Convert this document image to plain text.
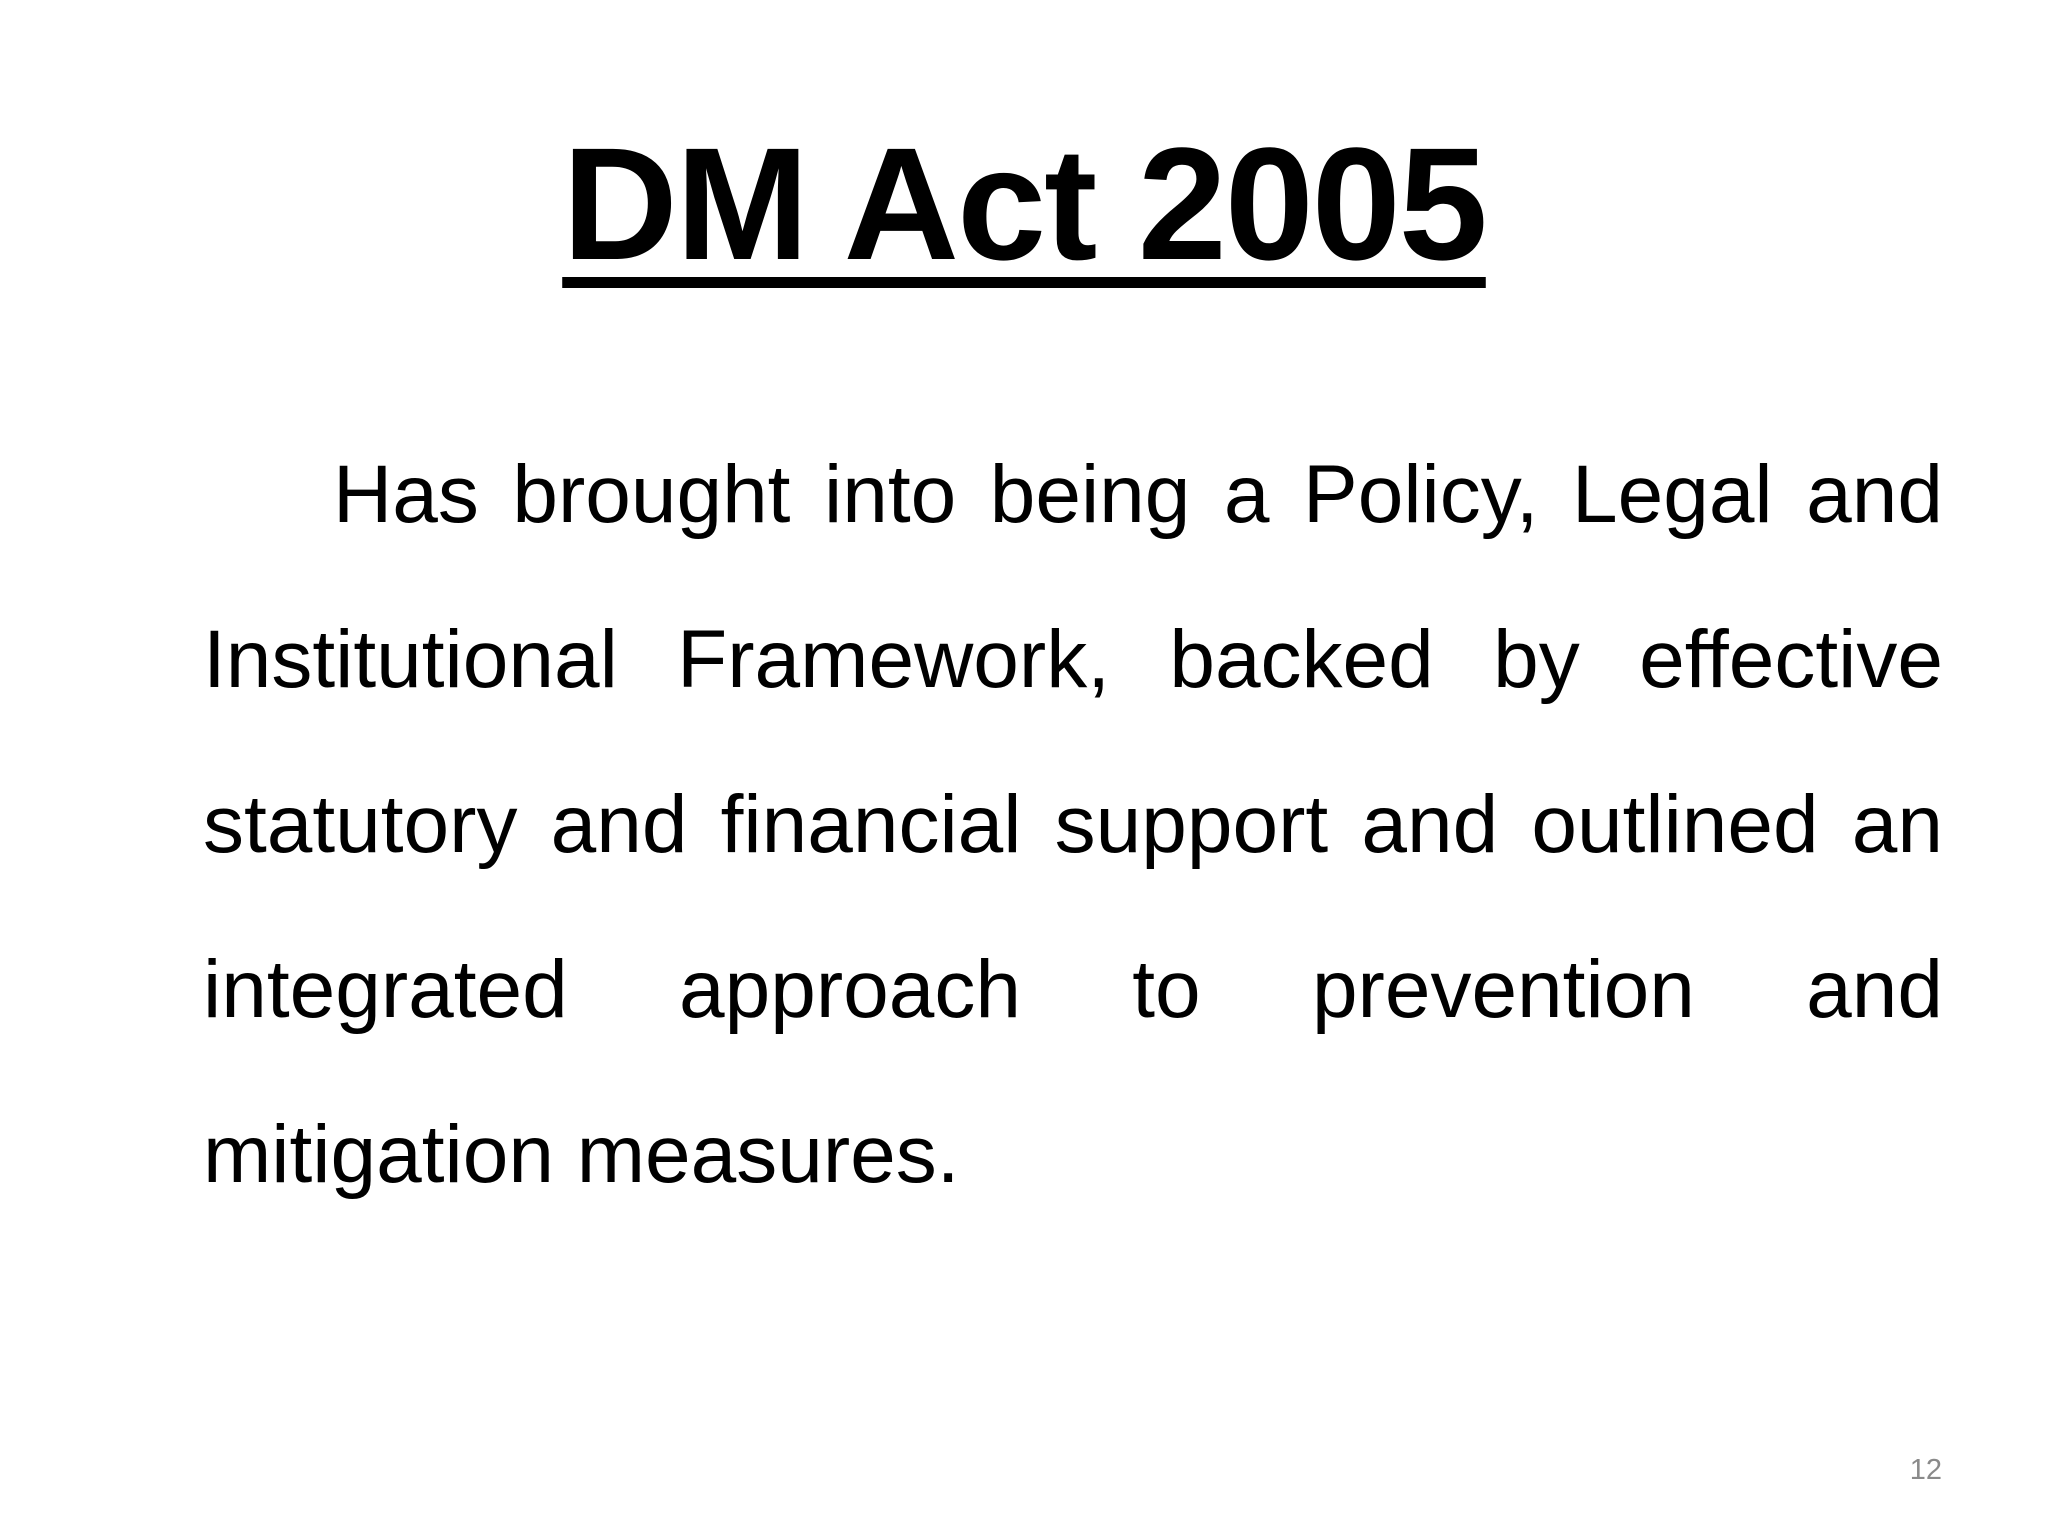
DM Act 2005

Has brought into being a Policy, Legal and Institutional Framework, backed by effective statutory and financial support and outlined an integrated approach to prevention and mitigation measures.

12
